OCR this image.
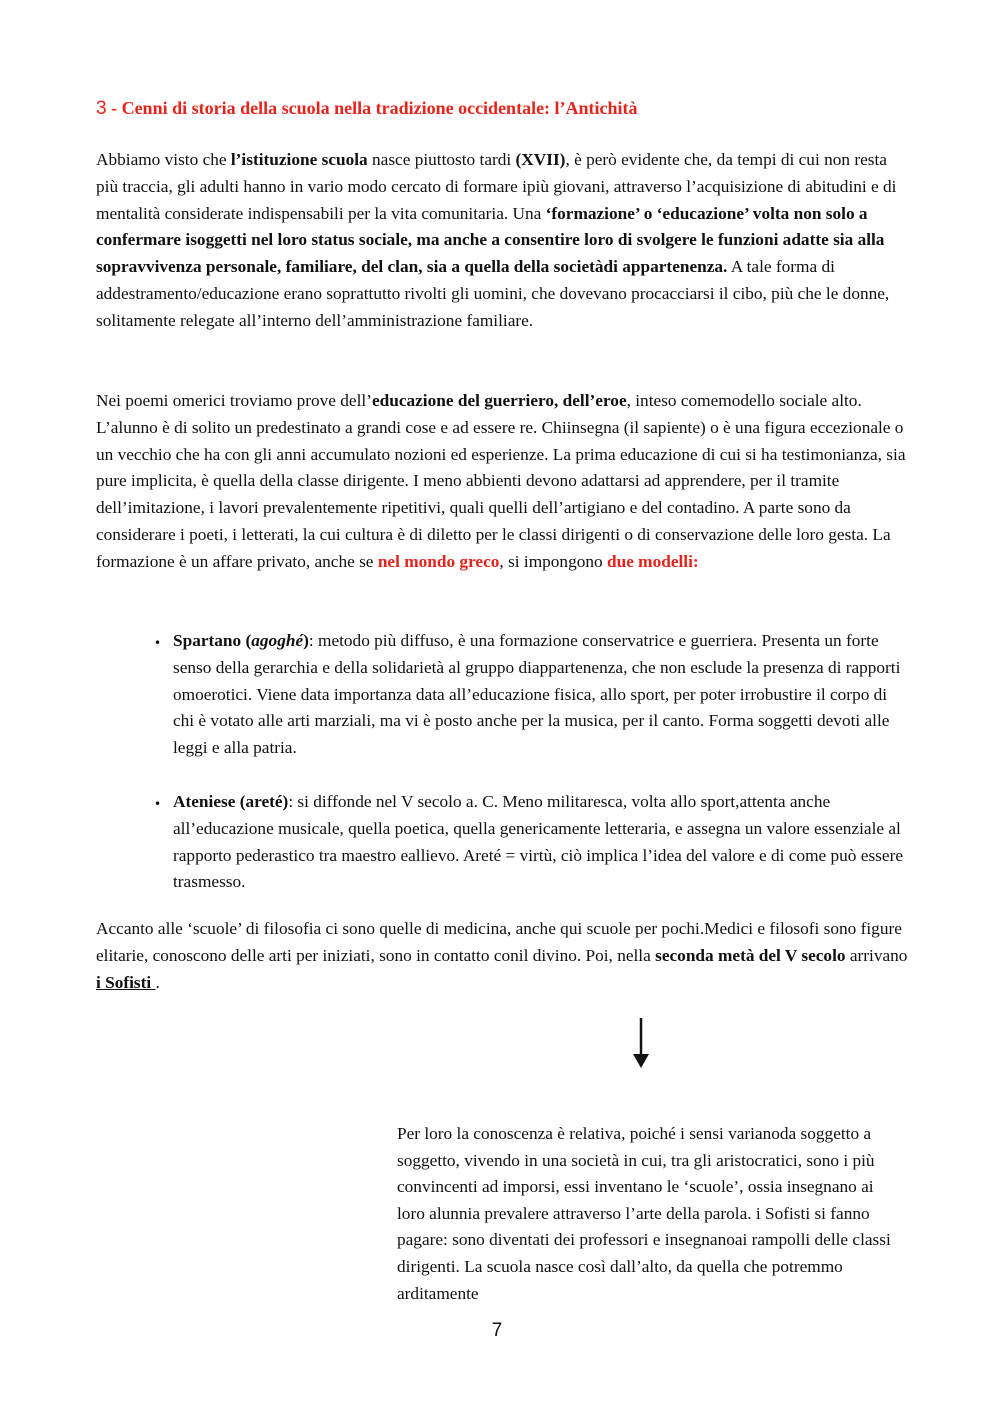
3 - Cenni di storia della scuola nella tradizione occidentale: l’Antichità

Abbiamo visto che l’istituzione scuola nasce piuttosto tardi (XVII), è però evidente che, da tempi di cui non resta più traccia, gli adulti hanno in vario modo cercato di formare ipiù giovani, attraverso l’acquisizione di abitudini e di mentalità considerate indispensabili per la vita comunitaria. Una ‘formazione’ o ‘educazione’ volta non solo a confermare isoggetti nel loro status sociale, ma anche a consentire loro di svolgere le funzioni adatte sia alla sopravvivenza personale, familiare, del clan, sia a quella della societàdi appartenenza. A tale forma di addestramento/educazione erano soprattutto rivolti gli uomini, che dovevano procacciarsi il cibo, più che le donne, solitamente relegate all’interno dell’amministrazione familiare.

Nei poemi omerici troviamo prove dell’educazione del guerriero, dell’eroe, inteso comemodello sociale alto. L’alunno è di solito un predestinato a grandi cose e ad essere re. Chiinsegna (il sapiente) o è una figura eccezionale o un vecchio che ha con gli anni accumulato nozioni ed esperienze. La prima educazione di cui si ha testimonianza, sia pure implicita, è quella della classe dirigente. I meno abbienti devono adattarsi ad apprendere, per il tramite dell’imitazione, i lavori prevalentemente ripetitivi, quali quelli dell’artigiano e del contadino. A parte sono da considerare i poeti, i letterati, la cui cultura è di diletto per le classi dirigenti o di conservazione delle loro gesta. La formazione è un affare privato, anche se nel mondo greco, si impongono due modelli:

• Spartano (agoghé): metodo più diffuso, è una formazione conservatrice e guerriera. Presenta un forte senso della gerarchia e della solidarietà al gruppo diappartenenza, che non esclude la presenza di rapporti omoerotici. Viene data importanza data all’educazione fisica, allo sport, per poter irrobustire il corpo di chi è votato alle arti marziali, ma vi è posto anche per la musica, per il canto. Forma soggetti devoti alle leggi e alla patria.

• Ateniese (areté): si diffonde nel V secolo a. C. Meno militaresca, volta allo sport,attenta anche all’educazione musicale, quella poetica, quella genericamente letteraria, e assegna un valore essenziale al rapporto pederastico tra maestro eallievo. Areté = virtù, ciò implica l’idea del valore e di come può essere trasmesso.

Accanto alle ‘scuole’ di filosofia ci sono quelle di medicina, anche qui scuole per pochi.Medici e filosofi sono figure elitarie, conoscono delle arti per iniziati, sono in contatto conil divino. Poi, nella seconda metà del V secolo arrivano i Sofisti .

Per loro la conoscenza è relativa, poiché i sensi varianoda soggetto a soggetto, vivendo in una società in cui, tra gli aristocratici, sono i più convincenti ad imporsi, essi inventano le ‘scuole’, ossia insegnano ai loro alunnia prevalere attraverso l’arte della parola. i Sofisti si fanno pagare: sono diventati dei professori e insegnanoai rampolli delle classi dirigenti. La scuola nasce così dall’alto, da quella che potremmo arditamente

7
